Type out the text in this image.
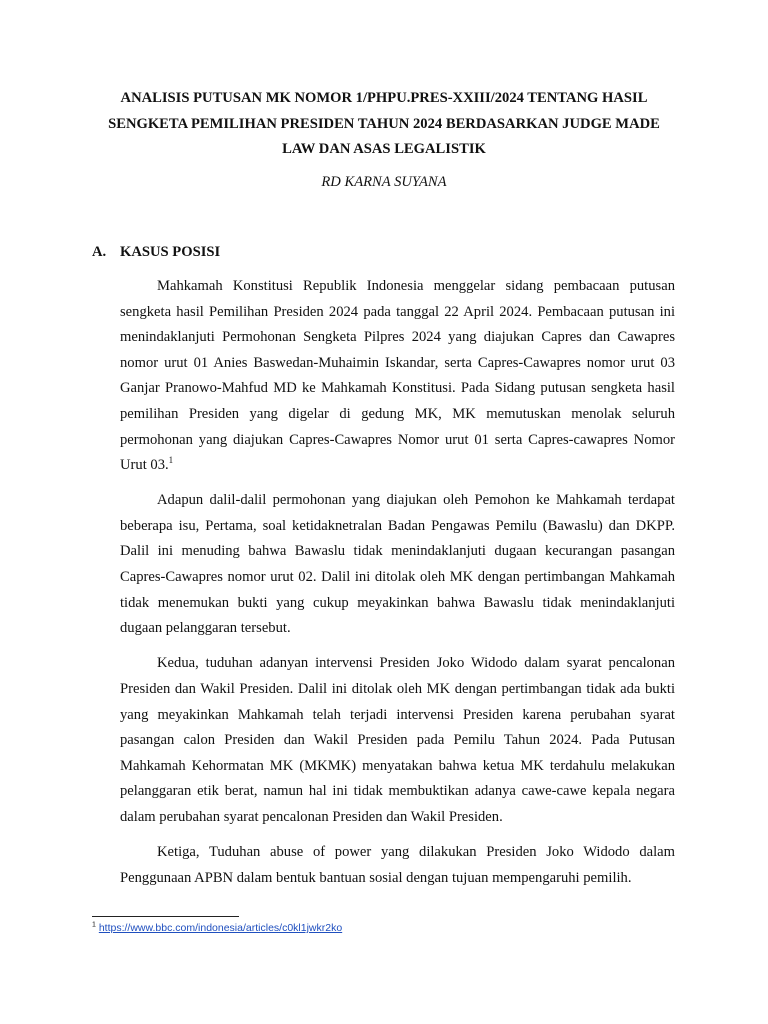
ANALISIS PUTUSAN MK NOMOR 1/PHPU.PRES-XXIII/2024 TENTANG HASIL SENGKETA PEMILIHAN PRESIDEN TAHUN 2024 BERDASARKAN JUDGE MADE LAW DAN ASAS LEGALISTIK
RD KARNA SUYANA
A. KASUS POSISI

Mahkamah Konstitusi Republik Indonesia menggelar sidang pembacaan putusan sengketa hasil Pemilihan Presiden 2024 pada tanggal 22 April 2024. Pembacaan putusan ini menindaklanjuti Permohonan Sengketa Pilpres 2024 yang diajukan Capres dan Cawapres nomor urut 01 Anies Baswedan-Muhaimin Iskandar, serta Capres-Cawapres nomor urut 03 Ganjar Pranowo-Mahfud MD ke Mahkamah Konstitusi. Pada Sidang putusan sengketa hasil pemilihan Presiden yang digelar di gedung MK, MK memutuskan menolak seluruh permohonan yang diajukan Capres-Cawapres Nomor urut 01 serta Capres-cawapres Nomor Urut 03.$^1$

Adapun dalil-dalil permohonan yang diajukan oleh Pemohon ke Mahkamah terdapat beberapa isu, Pertama, soal ketidaknetralan Badan Pengawas Pemilu (Bawaslu) dan DKPP. Dalil ini menuding bahwa Bawaslu tidak menindaklanjuti dugaan kecurangan pasangan Capres-Cawapres nomor urut 02. Dalil ini ditolak oleh MK dengan pertimbangan Mahkamah tidak menemukan bukti yang cukup meyakinkan bahwa Bawaslu tidak menindaklanjuti dugaan pelanggaran tersebut.

Kedua, tuduhan adanyan intervensi Presiden Joko Widodo dalam syarat pencalonan Presiden dan Wakil Presiden. Dalil ini ditolak oleh MK dengan pertimbangan tidak ada bukti yang meyakinkan Mahkamah telah terjadi intervensi Presiden karena perubahan syarat pasangan calon Presiden dan Wakil Presiden pada Pemilu Tahun 2024. Pada Putusan Mahkamah Kehormatan MK (MKMK) menyatakan bahwa ketua MK terdahulu melakukan pelanggaran etik berat, namun hal ini tidak membuktikan adanya cawe-cawe kepala negara dalam perubahan syarat pencalonan Presiden dan Wakil Presiden.

Ketiga, Tuduhan abuse of power yang dilakukan Presiden Joko Widodo dalam Penggunaan APBN dalam bentuk bantuan sosial dengan tujuan mempengaruhi pemilih.

$^1$ https://www.bbc.com/indonesia/articles/c0kl1jwkr2ko
